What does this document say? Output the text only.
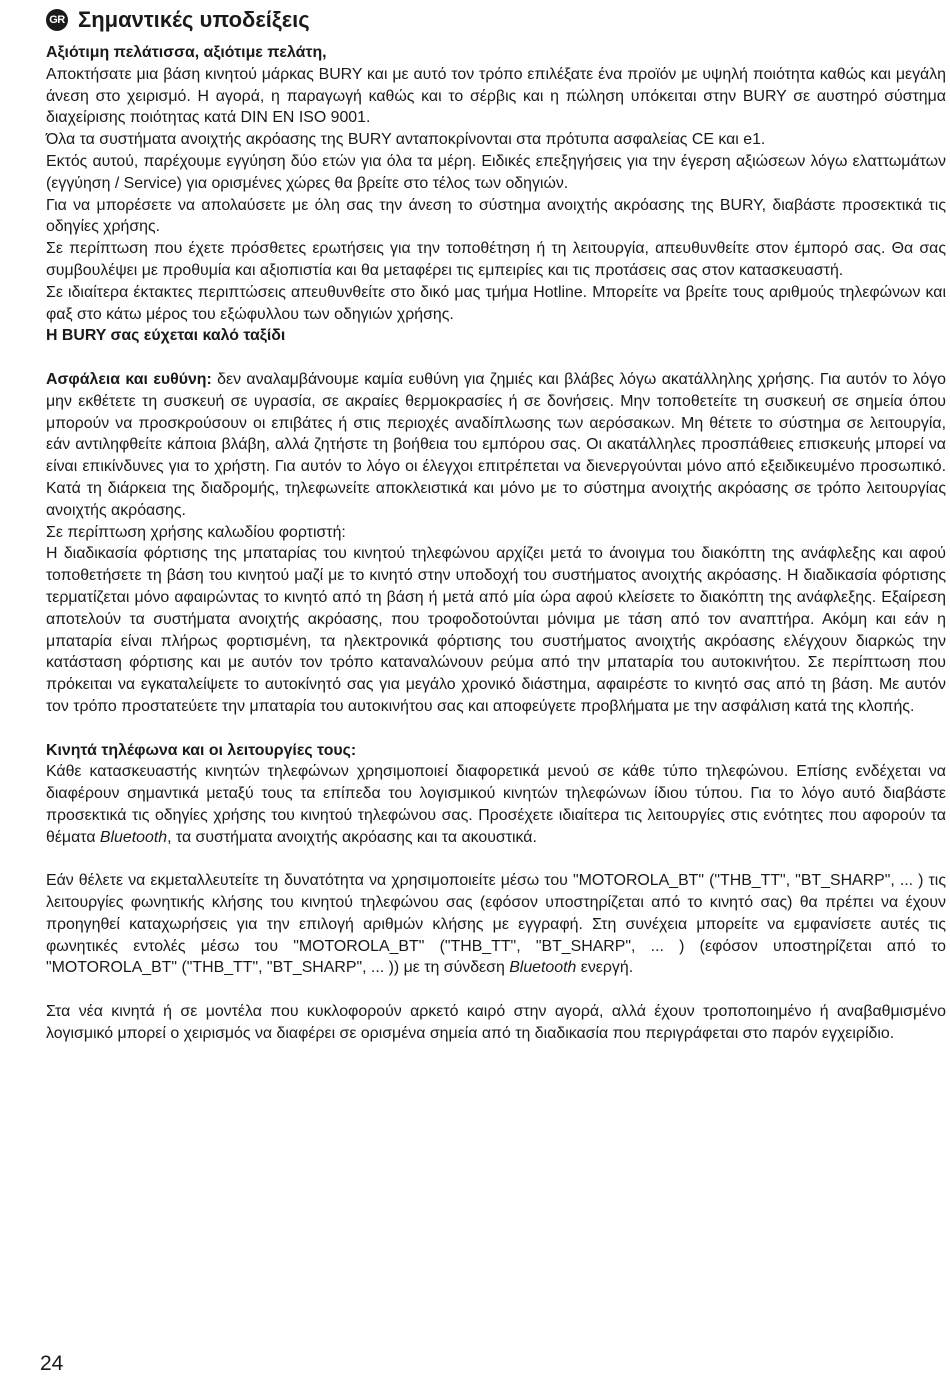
GR Σημαντικές υποδείξεις

Αξιότιμη πελάτισσα, αξιότιμε πελάτη,

Αποκτήσατε μια βάση κινητού μάρκας BURY και με αυτό τον τρόπο επιλέξατε ένα προϊόν με υψηλή ποιότητα καθώς και μεγάλη άνεση στο χειρισμό. Η αγορά, η παραγωγή καθώς και το σέρβις και η πώληση υπόκειται στην BURY σε αυστηρό σύστημα διαχείρισης ποιότητας κατά DIN EN ISO 9001.

Όλα τα συστήματα ανοιχτής ακρόασης της BURY ανταποκρίνονται στα πρότυπα ασφαλείας CE και e1.

Εκτός αυτού, παρέχουμε εγγύηση δύο ετών για όλα τα μέρη. Ειδικές επεξηγήσεις για την έγερση αξιώσεων λόγω ελαττωμάτων (εγγύηση / Service) για ορισμένες χώρες θα βρείτε στο τέλος των οδηγιών.

Για να μπορέσετε να απολαύσετε με όλη σας την άνεση το σύστημα ανοιχτής ακρόασης της BURY, διαβάστε προσεκτικά τις οδηγίες χρήσης.

Σε περίπτωση που έχετε πρόσθετες ερωτήσεις για την τοποθέτηση ή τη λειτουργία, απευθυνθείτε στον έμπορό σας. Θα σας συμβουλέψει με προθυμία και αξιοπιστία και θα μεταφέρει τις εμπειρίες και τις προτάσεις σας στον κατασκευαστή.

Σε ιδιαίτερα έκτακτες περιπτώσεις απευθυνθείτε στο δικό μας τμήμα Hotline. Μπορείτε να βρείτε τους αριθμούς τηλεφώνων και φαξ στο κάτω μέρος του εξώφυλλου των οδηγιών χρήσης.

Η BURY σας εύχεται καλό ταξίδι

Ασφάλεια και ευθύνη: δεν αναλαμβάνουμε καμία ευθύνη για ζημιές και βλάβες λόγω ακατάλληλης χρήσης. Για αυτόν το λόγο μην εκθέτετε τη συσκευή σε υγρασία, σε ακραίες θερμοκρασίες ή σε δονήσεις. Μην τοποθετείτε τη συσκευή σε σημεία όπου μπορούν να προσκρούσουν οι επιβάτες ή στις περιοχές αναδίπλωσης των αερόσακων. Μη θέτετε το σύστημα σε λειτουργία, εάν αντιληφθείτε κάποια βλάβη, αλλά ζητήστε τη βοήθεια του εμπόρου σας. Οι ακατάλληλες προσπάθειες επισκευής μπορεί να είναι επικίνδυνες για το χρήστη. Για αυτόν το λόγο οι έλεγχοι επιτρέπεται να διενεργούνται μόνο από εξειδικευμένο προσωπικό. Κατά τη διάρκεια της διαδρομής, τηλεφωνείτε αποκλειστικά και μόνο με το σύστημα ανοιχτής ακρόασης σε τρόπο λειτουργίας ανοιχτής ακρόασης.

Σε περίπτωση χρήσης καλωδίου φορτιστή:

Η διαδικασία φόρτισης της μπαταρίας του κινητού τηλεφώνου αρχίζει μετά το άνοιγμα του διακόπτη της ανάφλεξης και αφού τοποθετήσετε τη βάση του κινητού μαζί με το κινητό στην υποδοχή του συστήματος ανοιχτής ακρόασης. Η διαδικασία φόρτισης τερματίζεται μόνο αφαιρώντας το κινητό από τη βάση ή μετά από μία ώρα αφού κλείσετε το διακόπτη της ανάφλεξης. Εξαίρεση αποτελούν τα συστήματα ανοιχτής ακρόασης, που τροφοδοτούνται μόνιμα με τάση από τον αναπτήρα. Ακόμη και εάν η μπαταρία είναι πλήρως φορτισμένη, τα ηλεκτρονικά φόρτισης του συστήματος ανοιχτής ακρόασης ελέγχουν διαρκώς την κατάσταση φόρτισης και με αυτόν τον τρόπο καταναλώνουν ρεύμα από την μπαταρία του αυτοκινήτου. Σε περίπτωση που πρόκειται να εγκαταλείψετε το αυτοκίνητό σας για μεγάλο χρονικό διάστημα, αφαιρέστε το κινητό σας από τη βάση. Με αυτόν τον τρόπο προστατεύετε την μπαταρία του αυτοκινήτου σας και αποφεύγετε προβλήματα με την ασφάλιση κατά της κλοπής.

Κινητά τηλέφωνα και οι λειτουργίες τους:

Κάθε κατασκευαστής κινητών τηλεφώνων χρησιμοποιεί διαφορετικά μενού σε κάθε τύπο τηλεφώνου. Επίσης ενδέχεται να διαφέρουν σημαντικά μεταξύ τους τα επίπεδα του λογισμικού κινητών τηλεφώνων ίδιου τύπου. Για το λόγο αυτό διαβάστε προσεκτικά τις οδηγίες χρήσης του κινητού τηλεφώνου σας. Προσέχετε ιδιαίτερα τις λειτουργίες στις ενότητες που αφορούν τα θέματα Bluetooth, τα συστήματα ανοιχτής ακρόασης και τα ακουστικά.

Εάν θέλετε να εκμεταλλευτείτε τη δυνατότητα να χρησιμοποιείτε μέσω του "MOTOROLA_BT" ("THB_TT", "BT_SHARP", ... ) τις λειτουργίες φωνητικής κλήσης του κινητού τηλεφώνου σας (εφόσον υποστηρίζεται από το κινητό σας) θα πρέπει να έχουν προηγηθεί καταχωρήσεις για την επιλογή αριθμών κλήσης με εγγραφή. Στη συνέχεια μπορείτε να εμφανίσετε αυτές τις φωνητικές εντολές μέσω του "MOTOROLA_BT" ("THB_TT", "BT_SHARP", ... ) (εφόσον υποστηρίζεται από το "MOTOROLA_BT" ("THB_TT", "BT_SHARP", ... )) με τη σύνδεση Bluetooth ενεργή.

Στα νέα κινητά ή σε μοντέλα που κυκλοφορούν αρκετό καιρό στην αγορά, αλλά έχουν τροποποιημένο ή αναβαθμισμένο λογισμικό μπορεί ο χειρισμός να διαφέρει σε ορισμένα σημεία από τη διαδικασία που περιγράφεται στο παρόν εγχειρίδιο.

24
